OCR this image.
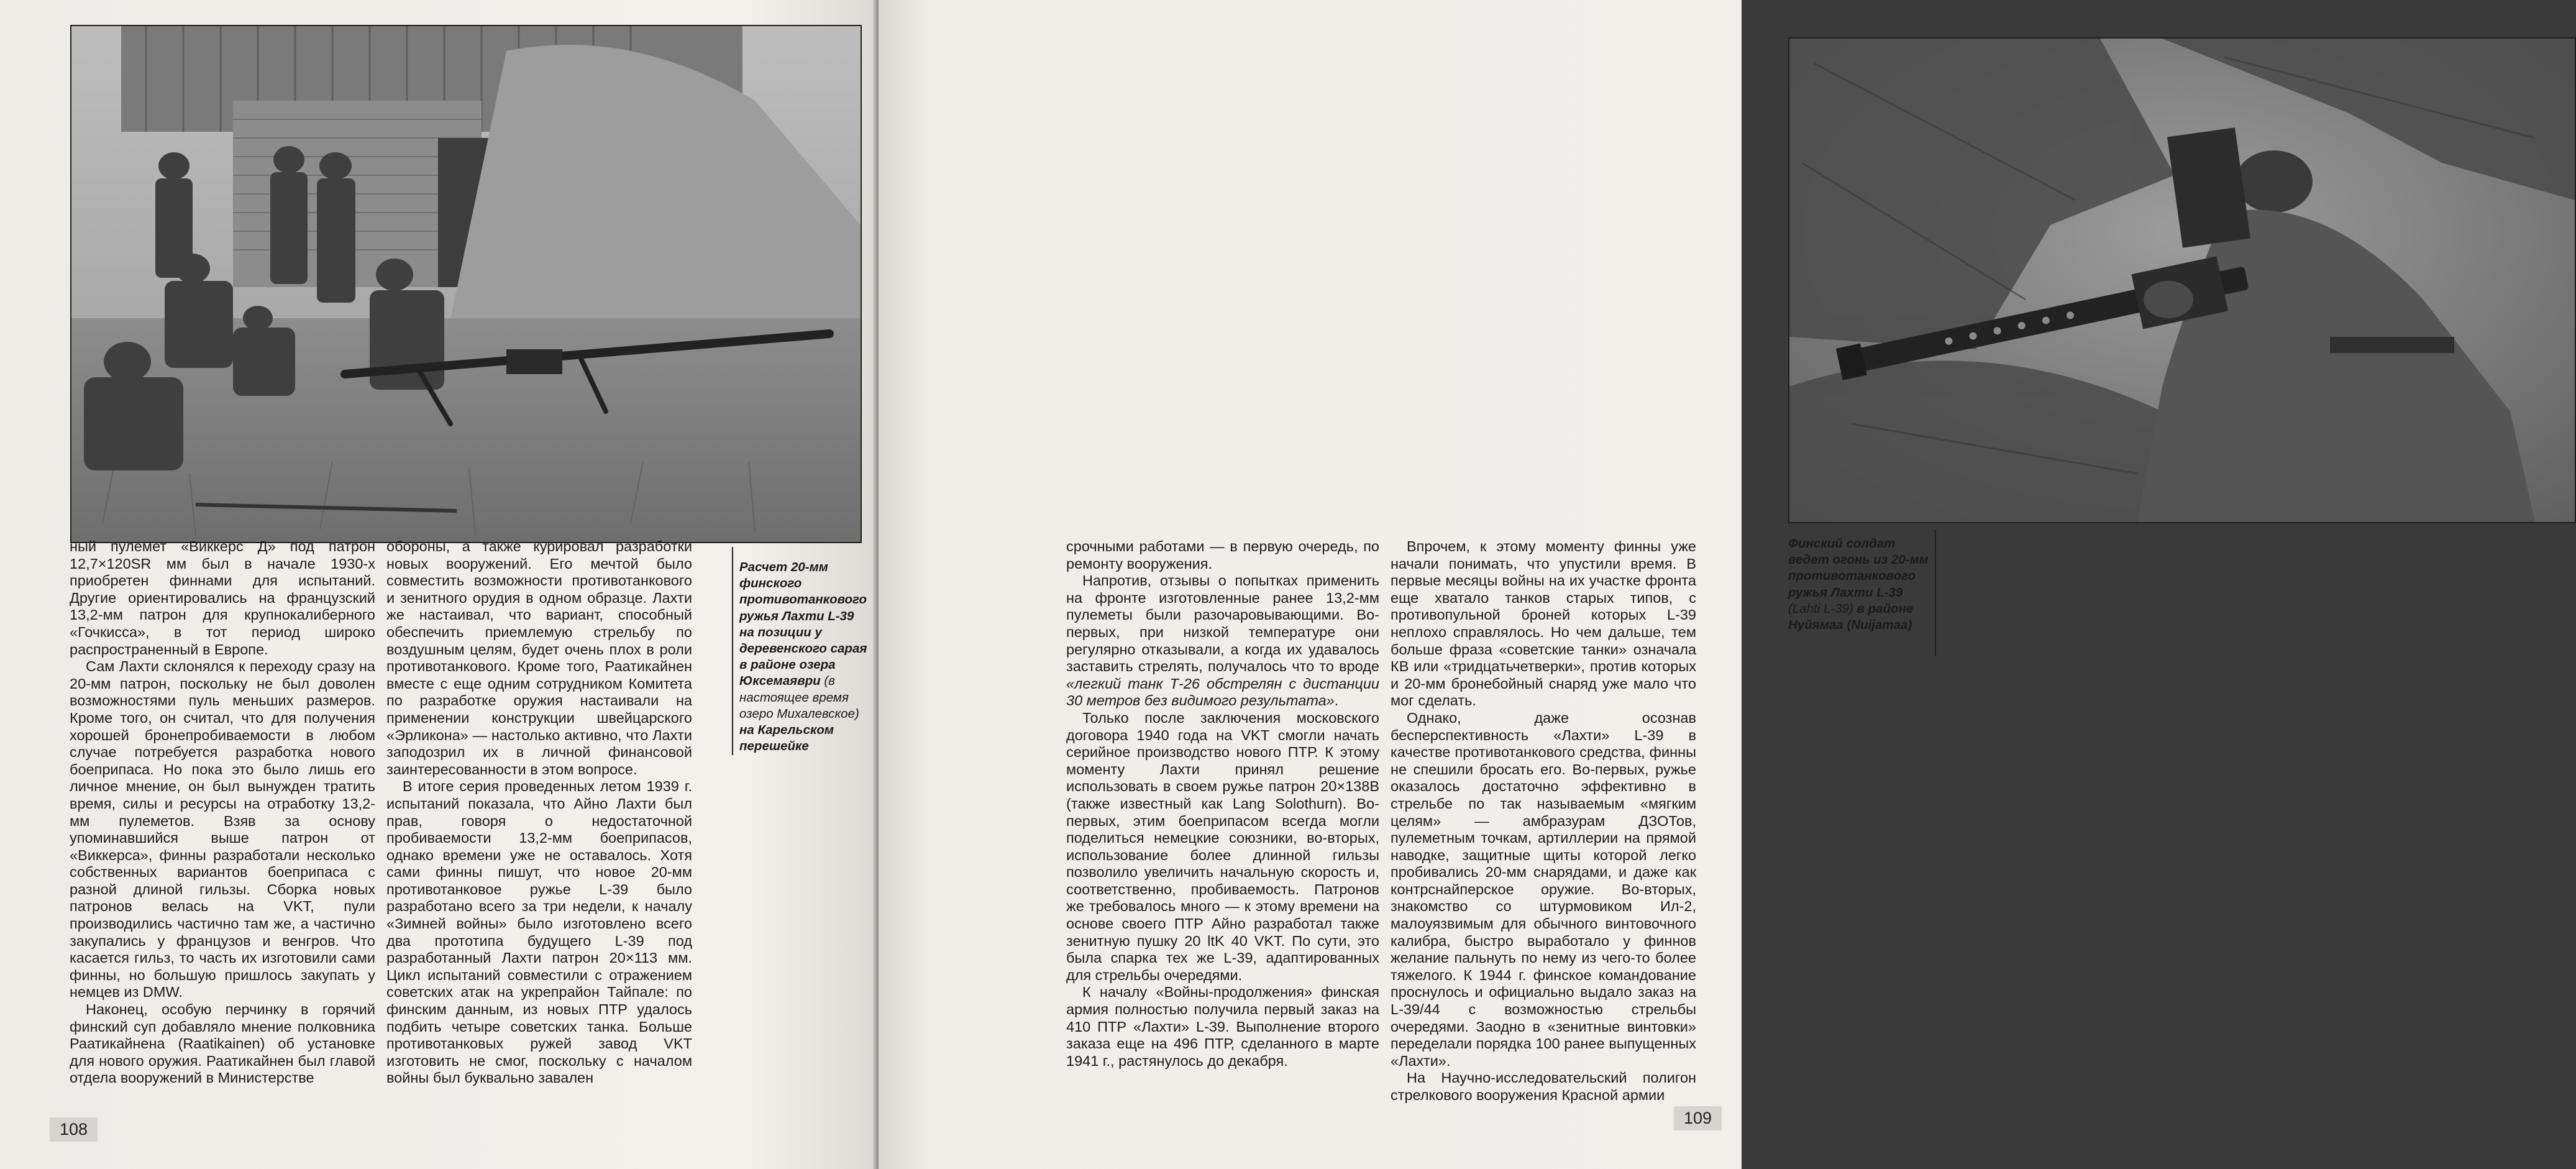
Расчет 20-мм финского противотанкового ружья Лахти L-39 на позиции у деревенского сарая в районе озера Юксемаяври (в настоящее время озеро Михалевское) на Карельском перешейке

ный пулемет «Виккерс Д» под патрон 12,7×120SR мм был в начале 1930-х приобретен финнами для испытаний. Другие ориентировались на французский 13,2-мм патрон для крупнокалиберного «Гочкисса», в тот период широко распространенный в Европе.

Сам Лахти склонялся к переходу сразу на 20-мм патрон, поскольку не был доволен возможностями пуль меньших размеров. Кроме того, он считал, что для получения хорошей бронепробиваемости в любом случае потребуется разработка нового боеприпаса. Но пока это было лишь его личное мнение, он был вынужден тратить время, силы и ресурсы на отработку 13,2-мм пулеметов. Взяв за основу упоминавшийся выше патрон от «Виккерса», финны разработали несколько собственных вариантов боеприпаса с разной длиной гильзы. Сборка новых патронов велась на VKT, пули производились частично там же, а частично закупались у французов и венгров. Что касается гильз, то часть их изготовили сами финны, но большую пришлось закупать у немцев из DMW.

Наконец, особую перчинку в горячий финский суп добавляло мнение полковника Раатикайнена (Raatikainen) об установке для нового оружия. Раатикайнен был главой отдела вооружений в Министерстве

обороны, а также курировал разработки новых вооружений. Его мечтой было совместить возможности противотанкового и зенитного орудия в одном образце. Лахти же настаивал, что вариант, способный обеспечить приемлемую стрельбу по воздушным целям, будет очень плох в роли противотанкового. Кроме того, Раатикайнен вместе с еще одним сотрудником Комитета по разработке оружия настаивали на применении конструкции швейцарского «Эрликона» — настолько активно, что Лахти заподозрил их в личной финансовой заинтересованности в этом вопросе.

В итоге серия проведенных летом 1939 г. испытаний показала, что Айно Лахти был прав, говоря о недостаточной пробиваемости 13,2-мм боеприпасов, однако времени уже не оставалось. Хотя сами финны пишут, что новое 20-мм противотанковое ружье L-39 было разработано всего за три недели, к началу «Зимней войны» было изготовлено всего два прототипа будущего L-39 под разработанный Лахти патрон 20×113 мм. Цикл испытаний совместили с отражением советских атак на укрепрайон Тайпале: по финским данным, из новых ПТР удалось подбить четыре советских танка. Больше противотанковых ружей завод VKT изготовить не смог, поскольку с началом войны был буквально завален

108
Финский солдат ведет огонь из 20-мм противотанкового ружья Лахти L-39 (Lahti L-39) в районе Нуйямаа (Nuijamaa)

срочными работами — в первую очередь, по ремонту вооружения.

Напротив, отзывы о попытках применить на фронте изготовленные ранее 13,2-мм пулеметы были разочаровывающими. Во-первых, при низкой температуре они регулярно отказывали, а когда их удавалось заставить стрелять, получалось что то вроде «легкий танк Т-26 обстрелян с дистанции 30 метров без видимого результата».

Только после заключения московского договора 1940 года на VKT смогли начать серийное производство нового ПТР. К этому моменту Лахти принял решение использовать в своем ружье патрон 20×138В (также известный как Lang Solothurn). Во-первых, этим боеприпасом всегда могли поделиться немецкие союзники, во-вторых, использование более длинной гильзы позволило увеличить начальную скорость и, соответственно, пробиваемость. Патронов же требовалось много — к этому времени на основе своего ПТР Айно разработал также зенитную пушку 20 ltK 40 VKT. По сути, это была спарка тех же L-39, адаптированных для стрельбы очередями.

К началу «Войны-продолжения» финская армия полностью получила первый заказ на 410 ПТР «Лахти» L-39. Выполнение второго заказа еще на 496 ПТР, сделанного в марте 1941 г., растянулось до декабря.

Впрочем, к этому моменту финны уже начали понимать, что упустили время. В первые месяцы войны на их участке фронта еще хватало танков старых типов, с противопульной броней которых L-39 неплохо справлялось. Но чем дальше, тем больше фраза «советские танки» означала КВ или «тридцатьчетверки», против которых и 20-мм бронебойный снаряд уже мало что мог сделать.

Однако, даже осознав бесперспективность «Лахти» L-39 в качестве противотанкового средства, финны не спешили бросать его. Во-первых, ружье оказалось достаточно эффективно в стрельбе по так называемым «мягким целям» — амбразурам ДЗОТов, пулеметным точкам, артиллерии на прямой наводке, защитные щиты которой легко пробивались 20-мм снарядами, и даже как контрснайперское оружие. Во-вторых, знакомство со штурмовиком Ил-2, малоуязвимым для обычного винтовочного калибра, быстро выработало у финнов желание пальнуть по нему из чего-то более тяжелого. К 1944 г. финское командование проснулось и официально выдало заказ на L-39/44 с возможностью стрельбы очередями. Заодно в «зенитные винтовки» переделали порядка 100 ранее выпущенных «Лахти».

На Научно-исследовательский полигон стрелкового вооружения Красной армии

109
